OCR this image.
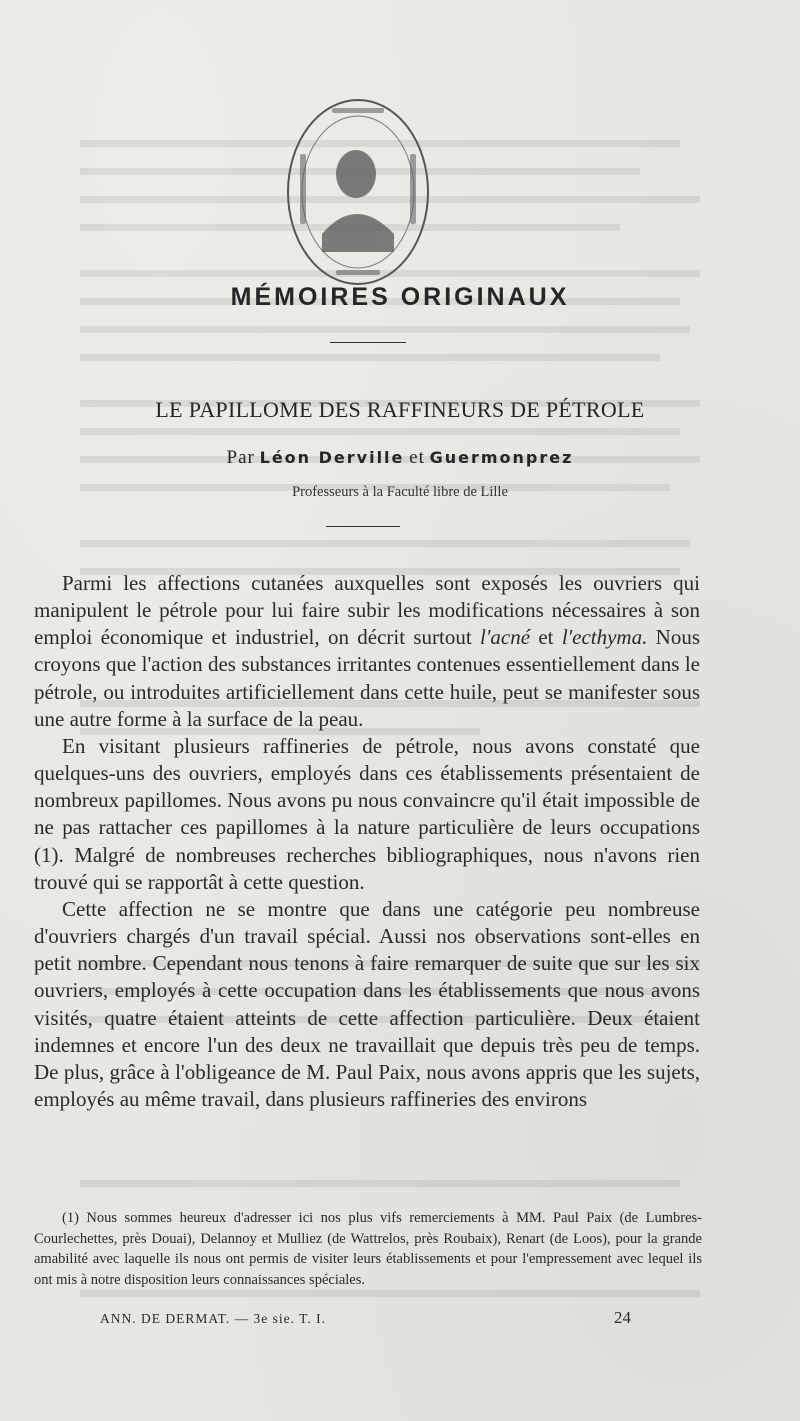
MÉMOIRES ORIGINAUX
LE PAPILLOME DES RAFFINEURS DE PÉTROLE
Par Léon Derville et Guermonprez
Professeurs à la Faculté libre de Lille

Parmi les affections cutanées auxquelles sont exposés les ouvriers qui manipulent le pétrole pour lui faire subir les modifications nécessaires à son emploi économique et industriel, on décrit surtout l'acné et l'ecthyma. Nous croyons que l'action des substances irritantes contenues essentiellement dans le pétrole, ou introduites artificiellement dans cette huile, peut se manifester sous une autre forme à la surface de la peau.

En visitant plusieurs raffineries de pétrole, nous avons constaté que quelques-uns des ouvriers, employés dans ces établissements présentaient de nombreux papillomes. Nous avons pu nous convaincre qu'il était impossible de ne pas rattacher ces papillomes à la nature particulière de leurs occupations (1). Malgré de nombreuses recherches bibliographiques, nous n'avons rien trouvé qui se rapportât à cette question.

Cette affection ne se montre que dans une catégorie peu nombreuse d'ouvriers chargés d'un travail spécial. Aussi nos observations sont-elles en petit nombre. Cependant nous tenons à faire remarquer de suite que sur les six ouvriers, employés à cette occupation dans les établissements que nous avons visités, quatre étaient atteints de cette affection particulière. Deux étaient indemnes et encore l'un des deux ne travaillait que depuis très peu de temps. De plus, grâce à l'obligeance de M. Paul Paix, nous avons appris que les sujets, employés au même travail, dans plusieurs raffineries des environs

(1) Nous sommes heureux d'adresser ici nos plus vifs remerciements à MM. Paul Paix (de Lumbres-Courlechettes, près Douai), Delannoy et Mulliez (de Wattrelos, près Roubaix), Renart (de Loos), pour la grande amabilité avec laquelle ils nous ont permis de visiter leurs établissements et pour l'empressement avec lequel ils ont mis à notre disposition leurs connaissances spéciales.

ANN. DE DERMAT. — 3e sie. T. I.	24
